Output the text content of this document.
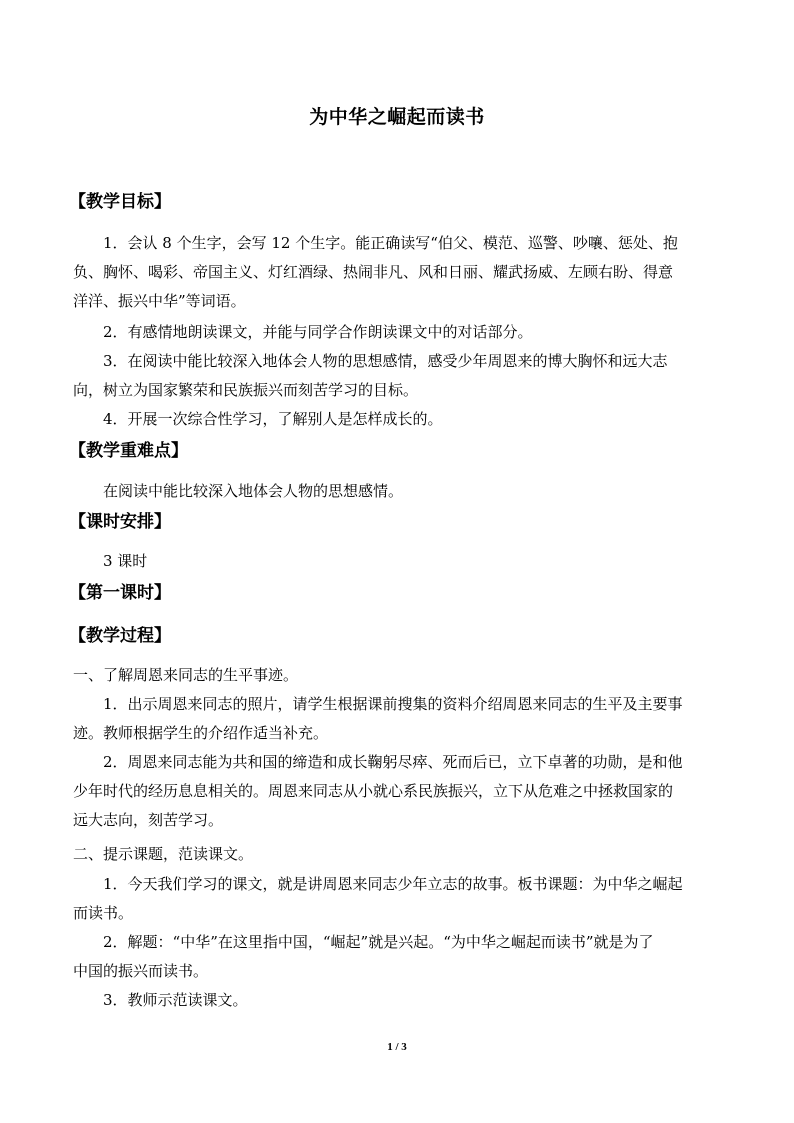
为中华之崛起而读书
【教学目标】
1．会认 8 个生字，会写 12 个生字。能正确读写“伯父、模范、巡警、吵嚷、惩处、抱
负、胸怀、喝彩、帝国主义、灯红酒绿、热闹非凡、风和日丽、耀武扬威、左顾右盼、得意
洋洋、振兴中华”等词语。
2．有感情地朗读课文，并能与同学合作朗读课文中的对话部分。
3．在阅读中能比较深入地体会人物的思想感情，感受少年周恩来的博大胸怀和远大志
向，树立为国家繁荣和民族振兴而刻苦学习的目标。
4．开展一次综合性学习，了解别人是怎样成长的。
【教学重难点】
在阅读中能比较深入地体会人物的思想感情。
【课时安排】
3 课时
【第一课时】
【教学过程】
一、了解周恩来同志的生平事迹。
1．出示周恩来同志的照片，请学生根据课前搜集的资料介绍周恩来同志的生平及主要事
迹。教师根据学生的介绍作适当补充。
2．周恩来同志能为共和国的缔造和成长鞠躬尽瘁、死而后已，立下卓著的功勋，是和他
少年时代的经历息息相关的。周恩来同志从小就心系民族振兴，立下从危难之中拯救国家的
远大志向，刻苦学习。
二、提示课题，范读课文。
1．今天我们学习的课文，就是讲周恩来同志少年立志的故事。板书课题：为中华之崛起
而读书。
2．解题：“中华”在这里指中国，“崛起”就是兴起。“为中华之崛起而读书”就是为了
中国的振兴而读书。
3．教师示范读课文。
1 / 3
